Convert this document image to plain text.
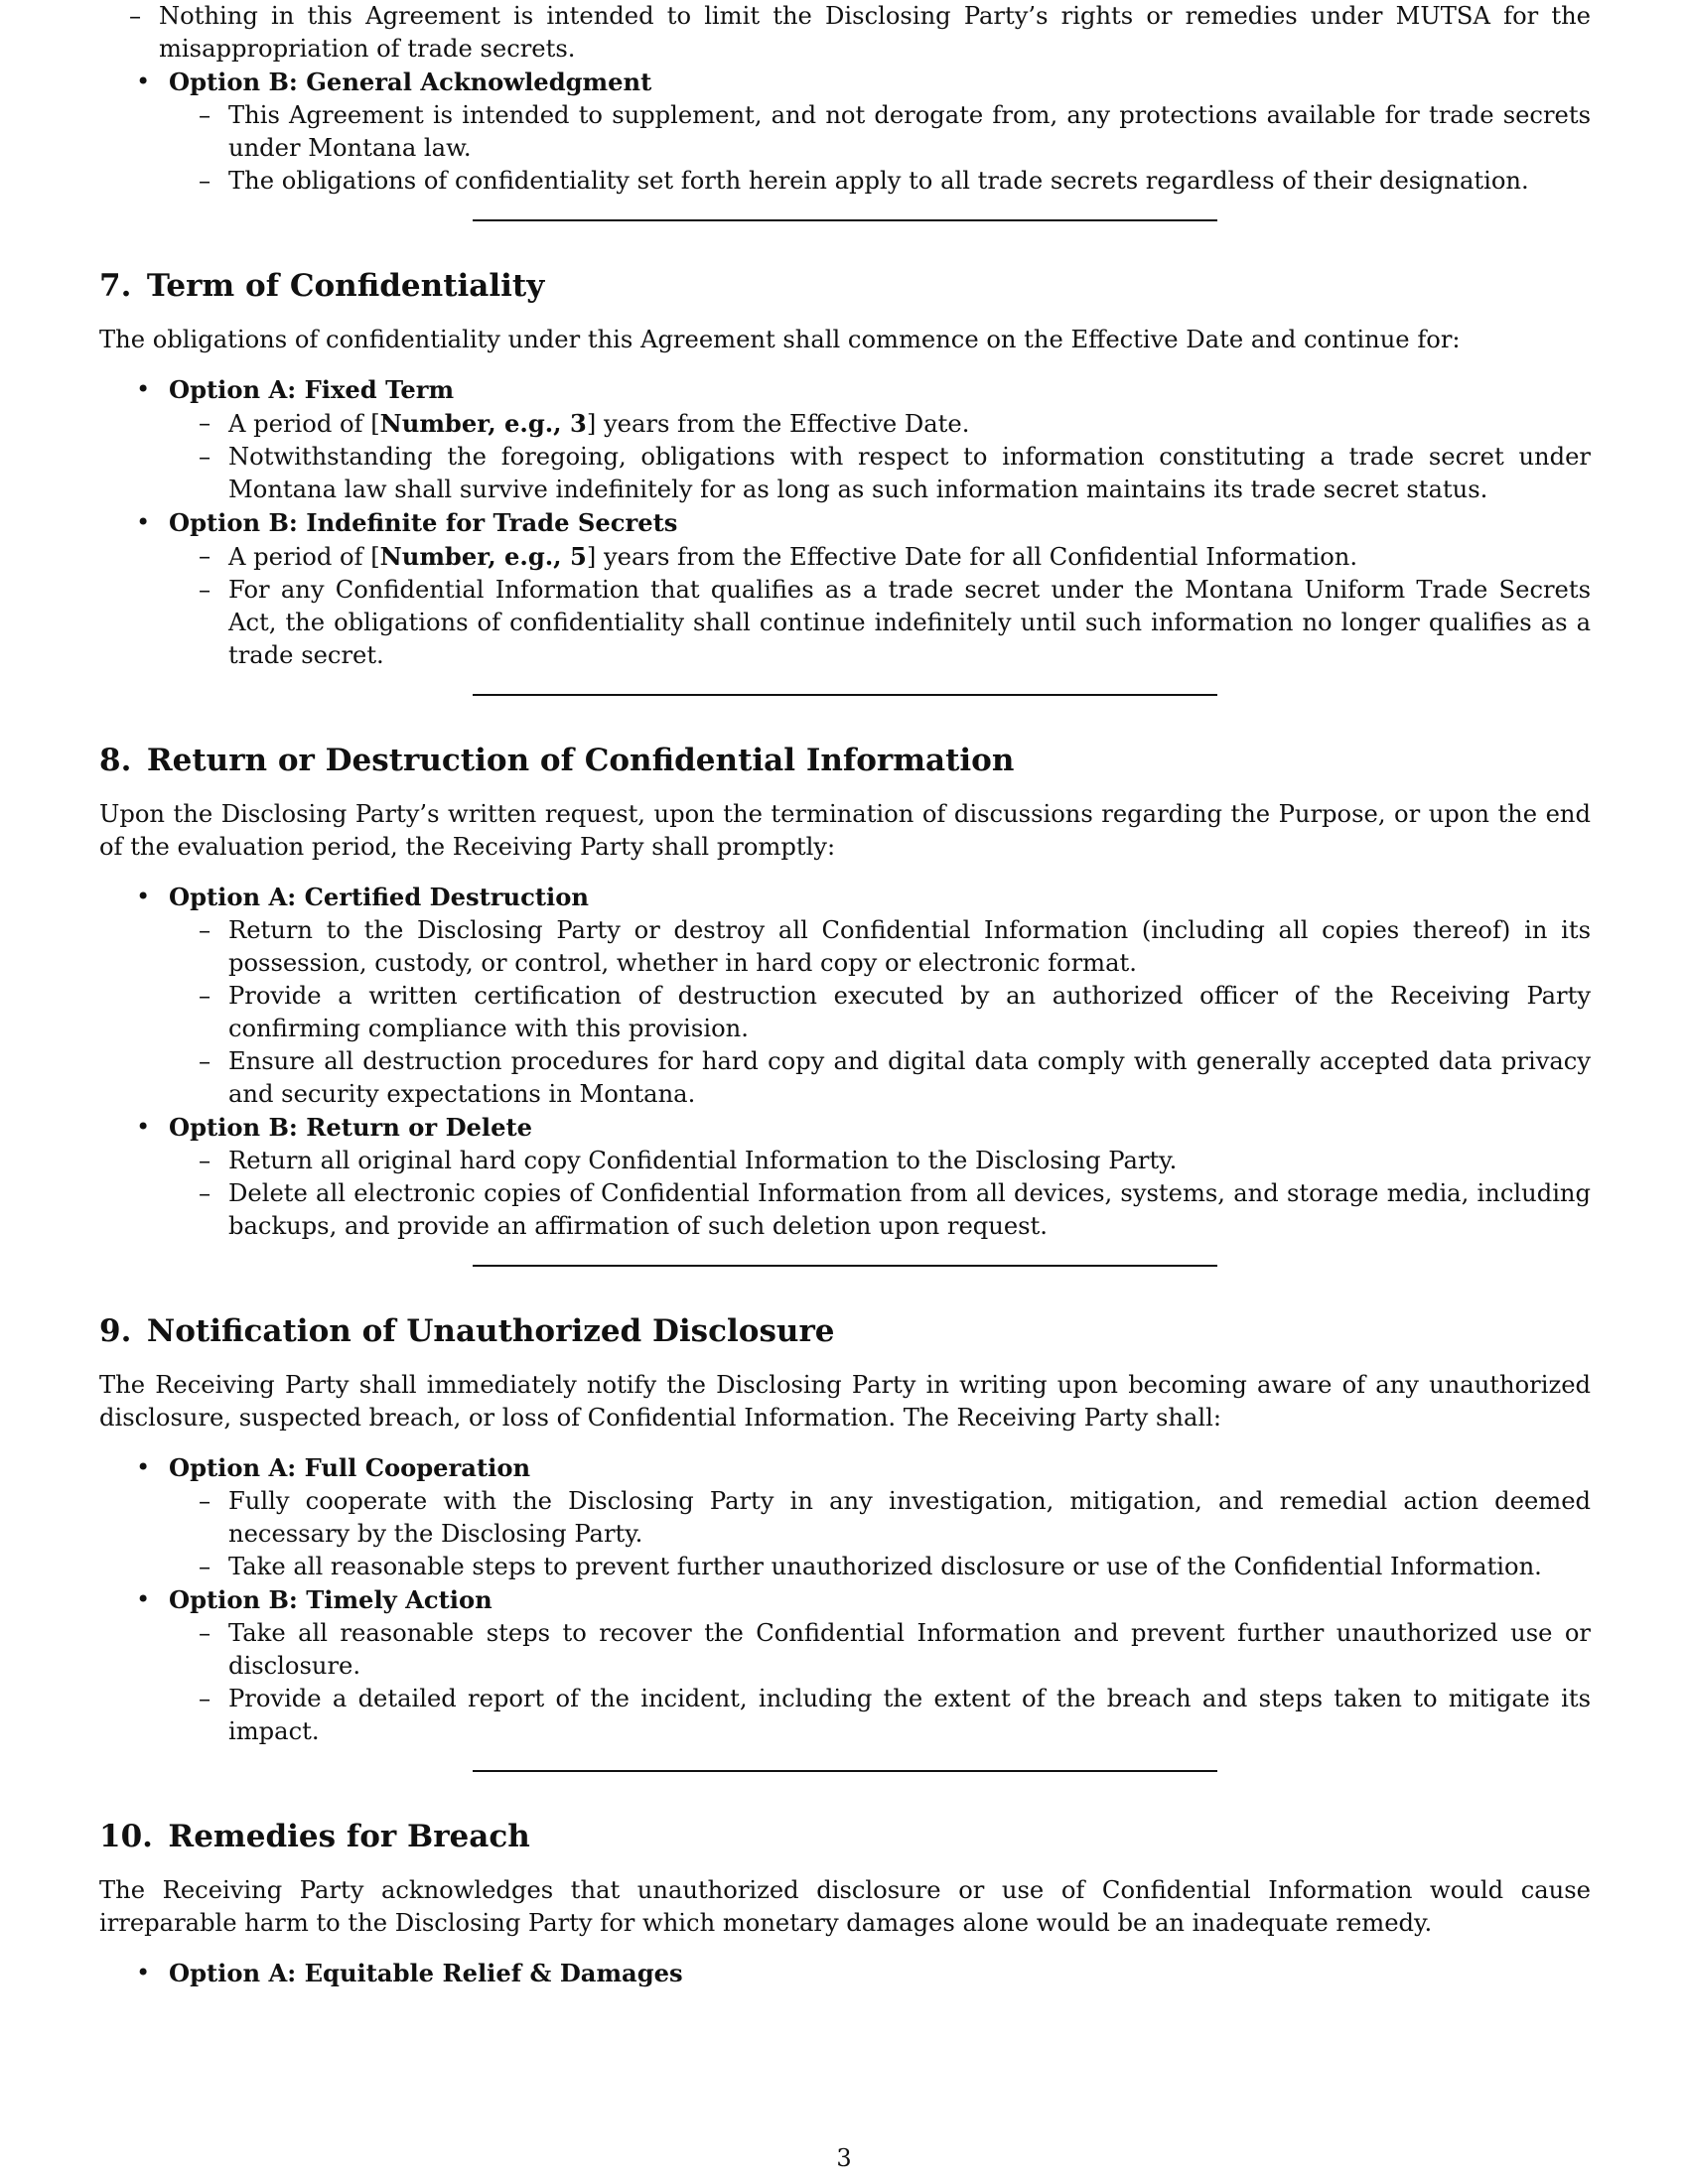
– Nothing in this Agreement is intended to limit the Disclosing Party’s rights or remedies under MUTSA for the misappropriation of trade secrets.
• Option B: General Acknowledgment
– This Agreement is intended to supplement, and not derogate from, any protections available for trade secrets under Montana law.
– The obligations of confidentiality set forth herein apply to all trade secrets regardless of their designation.
7. Term of Confidentiality

The obligations of confidentiality under this Agreement shall commence on the Effective Date and continue for:

• Option A: Fixed Term
– A period of [Number, e.g., 3] years from the Effective Date.
– Notwithstanding the foregoing, obligations with respect to information constituting a trade secret under Montana law shall survive indefinitely for as long as such information maintains its trade secret status.
• Option B: Indefinite for Trade Secrets
– A period of [Number, e.g., 5] years from the Effective Date for all Confidential Information.
– For any Confidential Information that qualifies as a trade secret under the Montana Uniform Trade Secrets Act, the obligations of confidentiality shall continue indefinitely until such information no longer qualifies as a trade secret.
8. Return or Destruction of Confidential Information

Upon the Disclosing Party’s written request, upon the termination of discussions regarding the Purpose, or upon the end of the evaluation period, the Receiving Party shall promptly:

• Option A: Certified Destruction
– Return to the Disclosing Party or destroy all Confidential Information (including all copies thereof) in its possession, custody, or control, whether in hard copy or electronic format.
– Provide a written certification of destruction executed by an authorized officer of the Receiving Party confirming compliance with this provision.
– Ensure all destruction procedures for hard copy and digital data comply with generally accepted data privacy and security expectations in Montana.
• Option B: Return or Delete
– Return all original hard copy Confidential Information to the Disclosing Party.
– Delete all electronic copies of Confidential Information from all devices, systems, and storage media, including backups, and provide an affirmation of such deletion upon request.
9. Notification of Unauthorized Disclosure

The Receiving Party shall immediately notify the Disclosing Party in writing upon becoming aware of any unauthorized disclosure, suspected breach, or loss of Confidential Information. The Receiving Party shall:

• Option A: Full Cooperation
– Fully cooperate with the Disclosing Party in any investigation, mitigation, and remedial action deemed necessary by the Disclosing Party.
– Take all reasonable steps to prevent further unauthorized disclosure or use of the Confidential Information.
• Option B: Timely Action
– Take all reasonable steps to recover the Confidential Information and prevent further unauthorized use or disclosure.
– Provide a detailed report of the incident, including the extent of the breach and steps taken to mitigate its impact.
10. Remedies for Breach

The Receiving Party acknowledges that unauthorized disclosure or use of Confidential Information would cause irreparable harm to the Disclosing Party for which monetary damages alone would be an inadequate remedy.

• Option A: Equitable Relief & Damages
3
